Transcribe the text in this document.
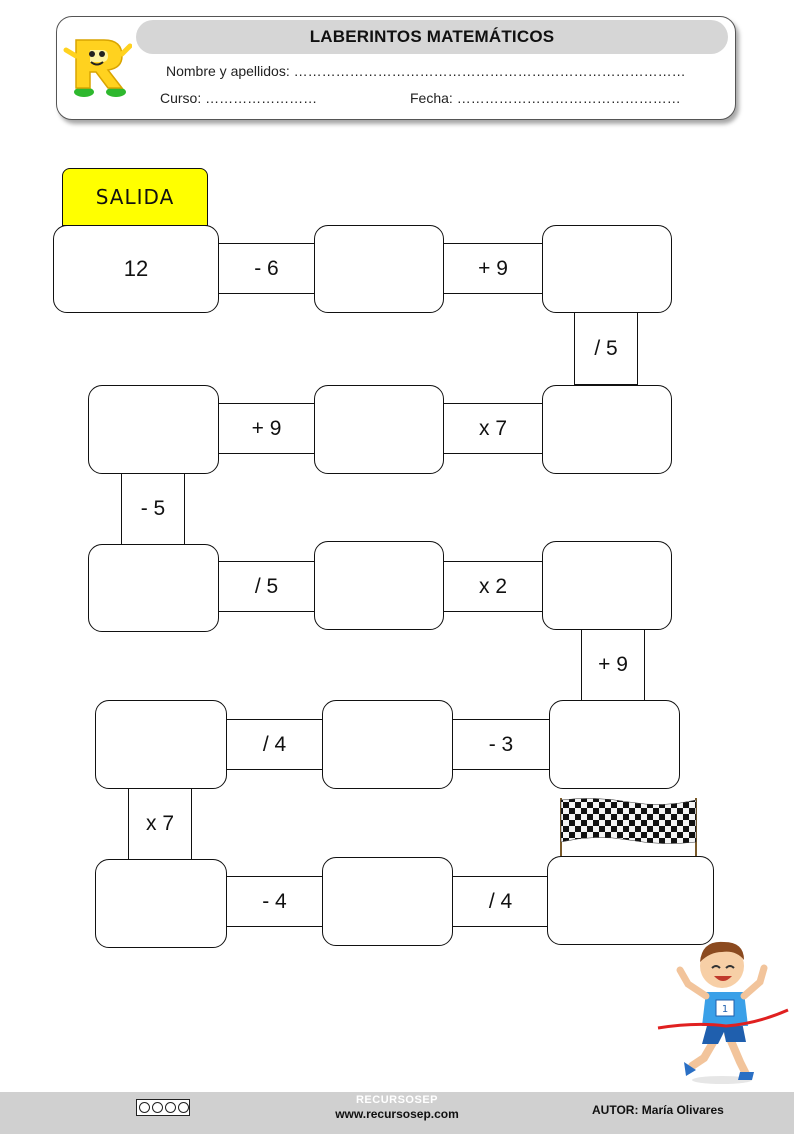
LABERINTOS MATEMÁTICOS
Nombre y apellidos: …………………………………………………………………………
Curso: ……………………	Fecha: …………………………………………
SALIDA
12	- 6	+ 9
/ 5
+ 9	x 7
- 5
/ 5	x 2
+ 9
/ 4	- 3
x 7
- 4	/ 4
1
RECURSOSEP
www.recursosep.com	AUTOR: María Olivares
